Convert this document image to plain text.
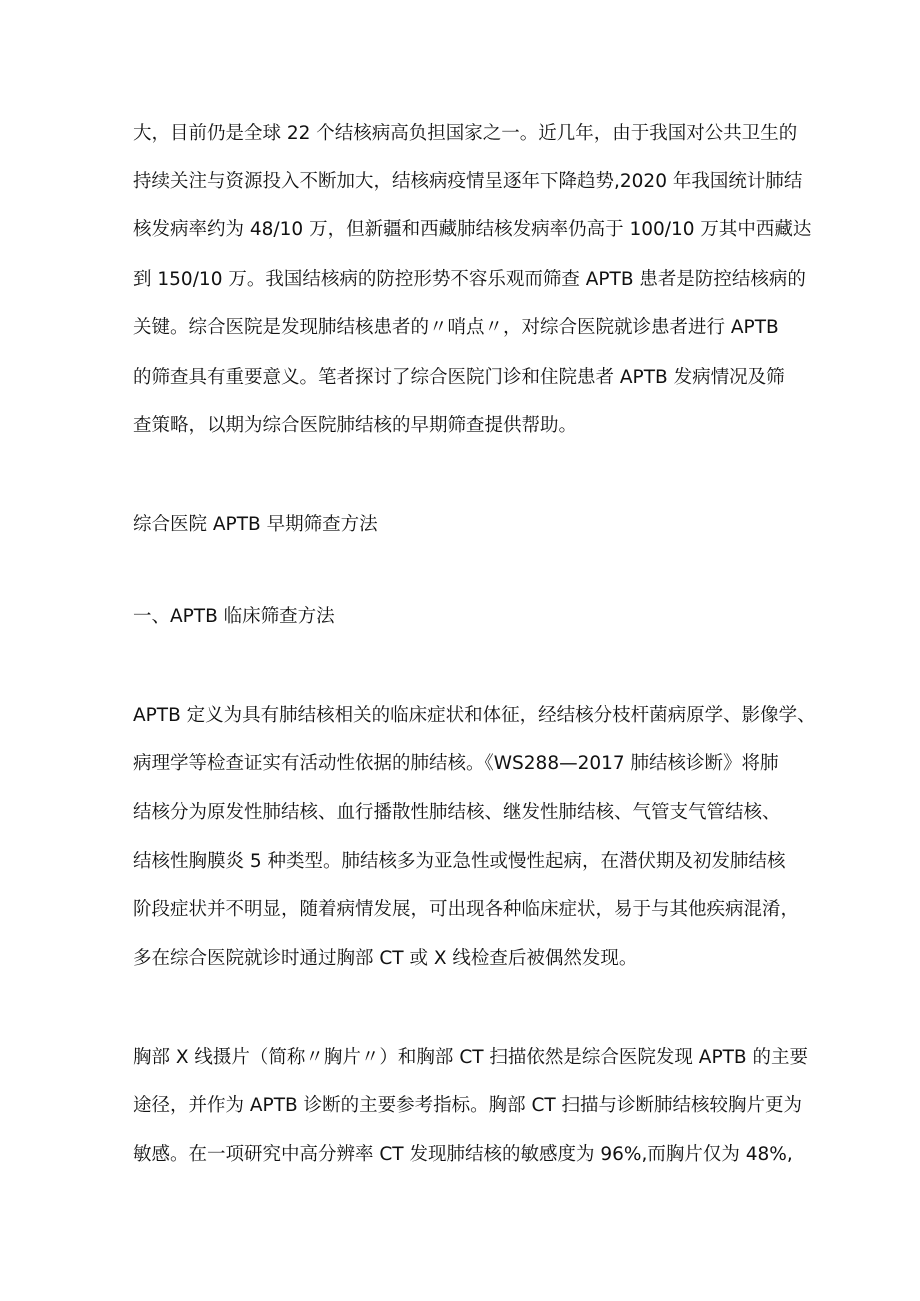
大，目前仍是全球 22 个结核病高负担国家之一。近几年，由于我国对公共卫生的
持续关注与资源投入不断加大，结核病疫情呈逐年下降趋势,2020 年我国统计肺结
核发病率约为 48/10 万，但新疆和西藏肺结核发病率仍高于 100/10 万其中西藏达
到 150/10 万。我国结核病的防控形势不容乐观而筛查 APTB 患者是防控结核病的
关键。综合医院是发现肺结核患者的〃哨点〃，对综合医院就诊患者进行 APTB
的筛查具有重要意义。笔者探讨了综合医院门诊和住院患者 APTB 发病情况及筛
查策略，以期为综合医院肺结核的早期筛查提供帮助。
综合医院 APTB 早期筛查方法
一、APTB 临床筛查方法
APTB 定义为具有肺结核相关的临床症状和体征，经结核分枝杆菌病原学、影像学、
病理学等检查证实有活动性依据的肺结核。《WS288—2017 肺结核诊断》将肺
结核分为原发性肺结核、血行播散性肺结核、继发性肺结核、气管支气管结核、
结核性胸膜炎 5 种类型。肺结核多为亚急性或慢性起病，在潜伏期及初发肺结核
阶段症状并不明显，随着病情发展，可出现各种临床症状，易于与其他疾病混淆，
多在综合医院就诊时通过胸部 CT 或 X 线检查后被偶然发现。
胸部 X 线摄片（简称〃胸片〃）和胸部 CT 扫描依然是综合医院发现 APTB 的主要
途径，并作为 APTB 诊断的主要参考指标。胸部 CT 扫描与诊断肺结核较胸片更为
敏感。在一项研究中高分辨率 CT 发现肺结核的敏感度为 96%,而胸片仅为 48%,
